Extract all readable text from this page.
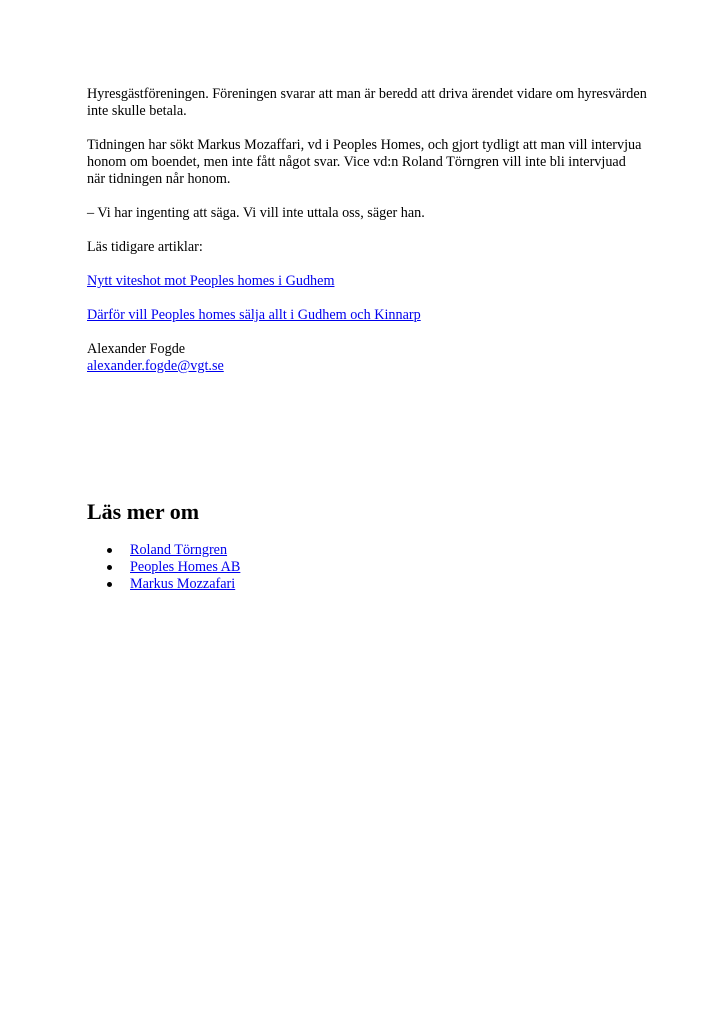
Hyresgästföreningen. Föreningen svarar att man är beredd att driva ärendet vidare om hyresvärden inte skulle betala.

Tidningen har sökt Markus Mozaffari, vd i Peoples Homes, och gjort tydligt att man vill intervjua honom om boendet, men inte fått något svar. Vice vd:n Roland Törngren vill inte bli intervjuad när tidningen når honom.

– Vi har ingenting att säga. Vi vill inte uttala oss, säger han.

Läs tidigare artiklar:

Nytt viteshot mot Peoples homes i Gudhem

Därför vill Peoples homes sälja allt i Gudhem och Kinnarp

Alexander Fogde

alexander.fogde@vgt.se

Läs mer om
Roland Törngren
Peoples Homes AB
Markus Mozzafari
